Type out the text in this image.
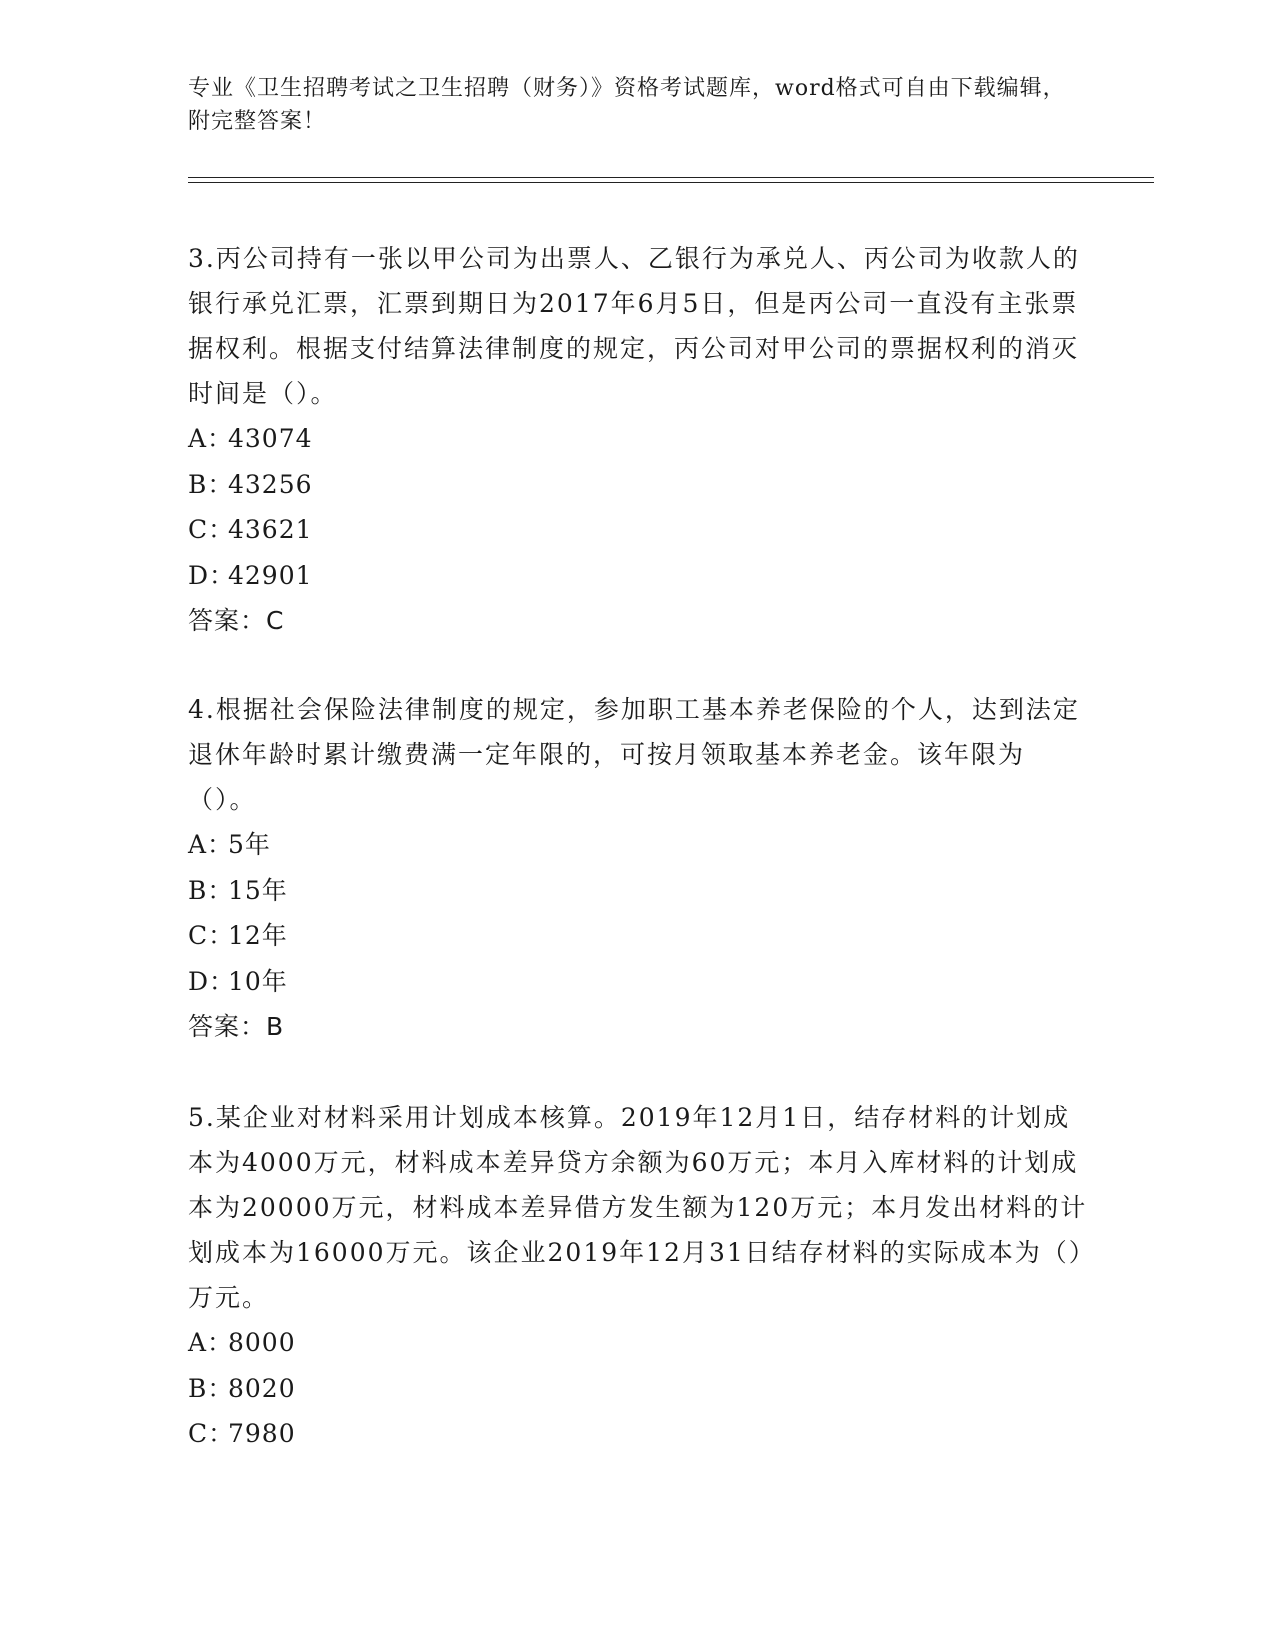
专业《卫生招聘考试之卫生招聘（财务）》资格考试题库，word格式可自由下载编辑，附完整答案！

3.丙公司持有一张以甲公司为出票人、乙银行为承兑人、丙公司为收款人的银行承兑汇票，汇票到期日为2017年6月5日，但是丙公司一直没有主张票据权利。根据支付结算法律制度的规定，丙公司对甲公司的票据权利的消灭时间是（）。

A：43074

B：43256

C：43621

D：42901

答案：C

4.根据社会保险法律制度的规定，参加职工基本养老保险的个人，达到法定退休年龄时累计缴费满一定年限的，可按月领取基本养老金。该年限为（）。

A：5年

B：15年

C：12年

D：10年

答案：B

5.某企业对材料采用计划成本核算。2019年12月1日，结存材料的计划成本为4000万元，材料成本差异贷方余额为60万元；本月入库材料的计划成本为20000万元，材料成本差异借方发生额为120万元；本月发出材料的计划成本为16000万元。该企业2019年12月31日结存材料的实际成本为（）万元。

A：8000

B：8020

C：7980
